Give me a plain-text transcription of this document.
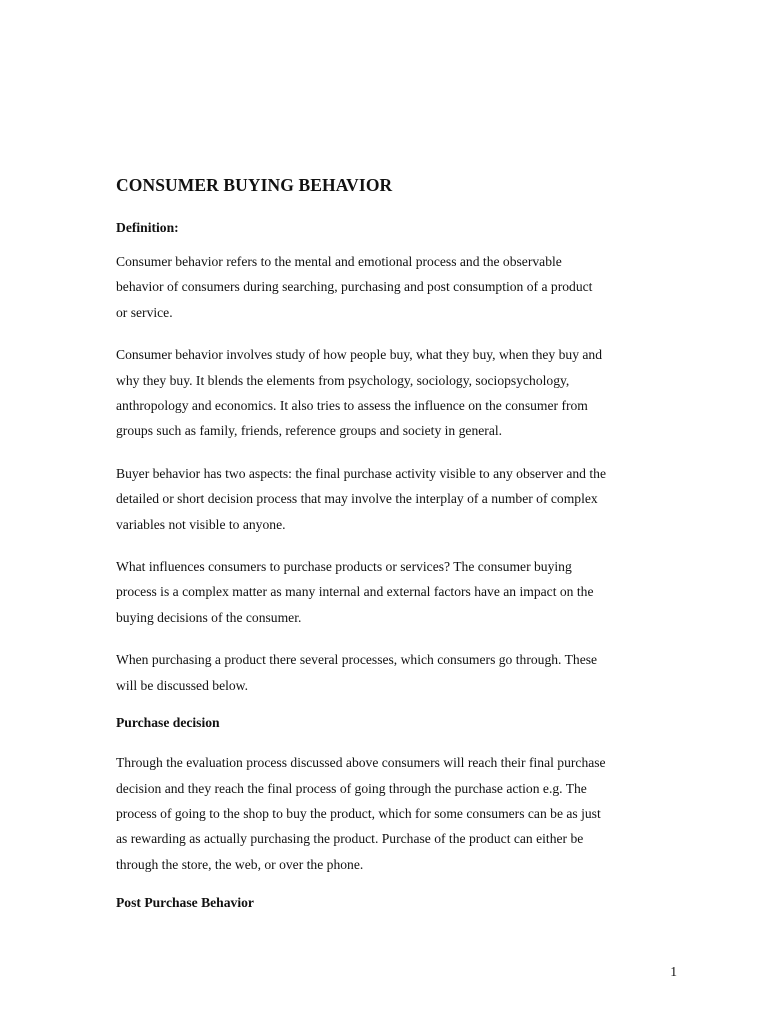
CONSUMER BUYING BEHAVIOR
Definition:

Consumer behavior refers to the mental and emotional process and the observable
behavior of consumers during searching, purchasing and post consumption of a product
or service.

Consumer behavior involves study of how people buy, what they buy, when they buy and
why they buy. It blends the elements from psychology, sociology, sociopsychology,
anthropology and economics. It also tries to assess the influence on the consumer from
groups such as family, friends, reference groups and society in general.

Buyer behavior has two aspects: the final purchase activity visible to any observer and the
detailed or short decision process that may involve the interplay of a number of complex
variables not visible to anyone.

What influences consumers to purchase products or services? The consumer buying
process is a complex matter as many internal and external factors have an impact on the
buying decisions of the consumer.

When purchasing a product there several processes, which consumers go through. These
will be discussed below.

Purchase decision

Through the evaluation process discussed above consumers will reach their final purchase
decision and they reach the final process of going through the purchase action e.g. The
process of going to the shop to buy the product, which for some consumers can be as just
as rewarding as actually purchasing the product. Purchase of the product can either be
through the store, the web, or over the phone.

Post Purchase Behavior
1
